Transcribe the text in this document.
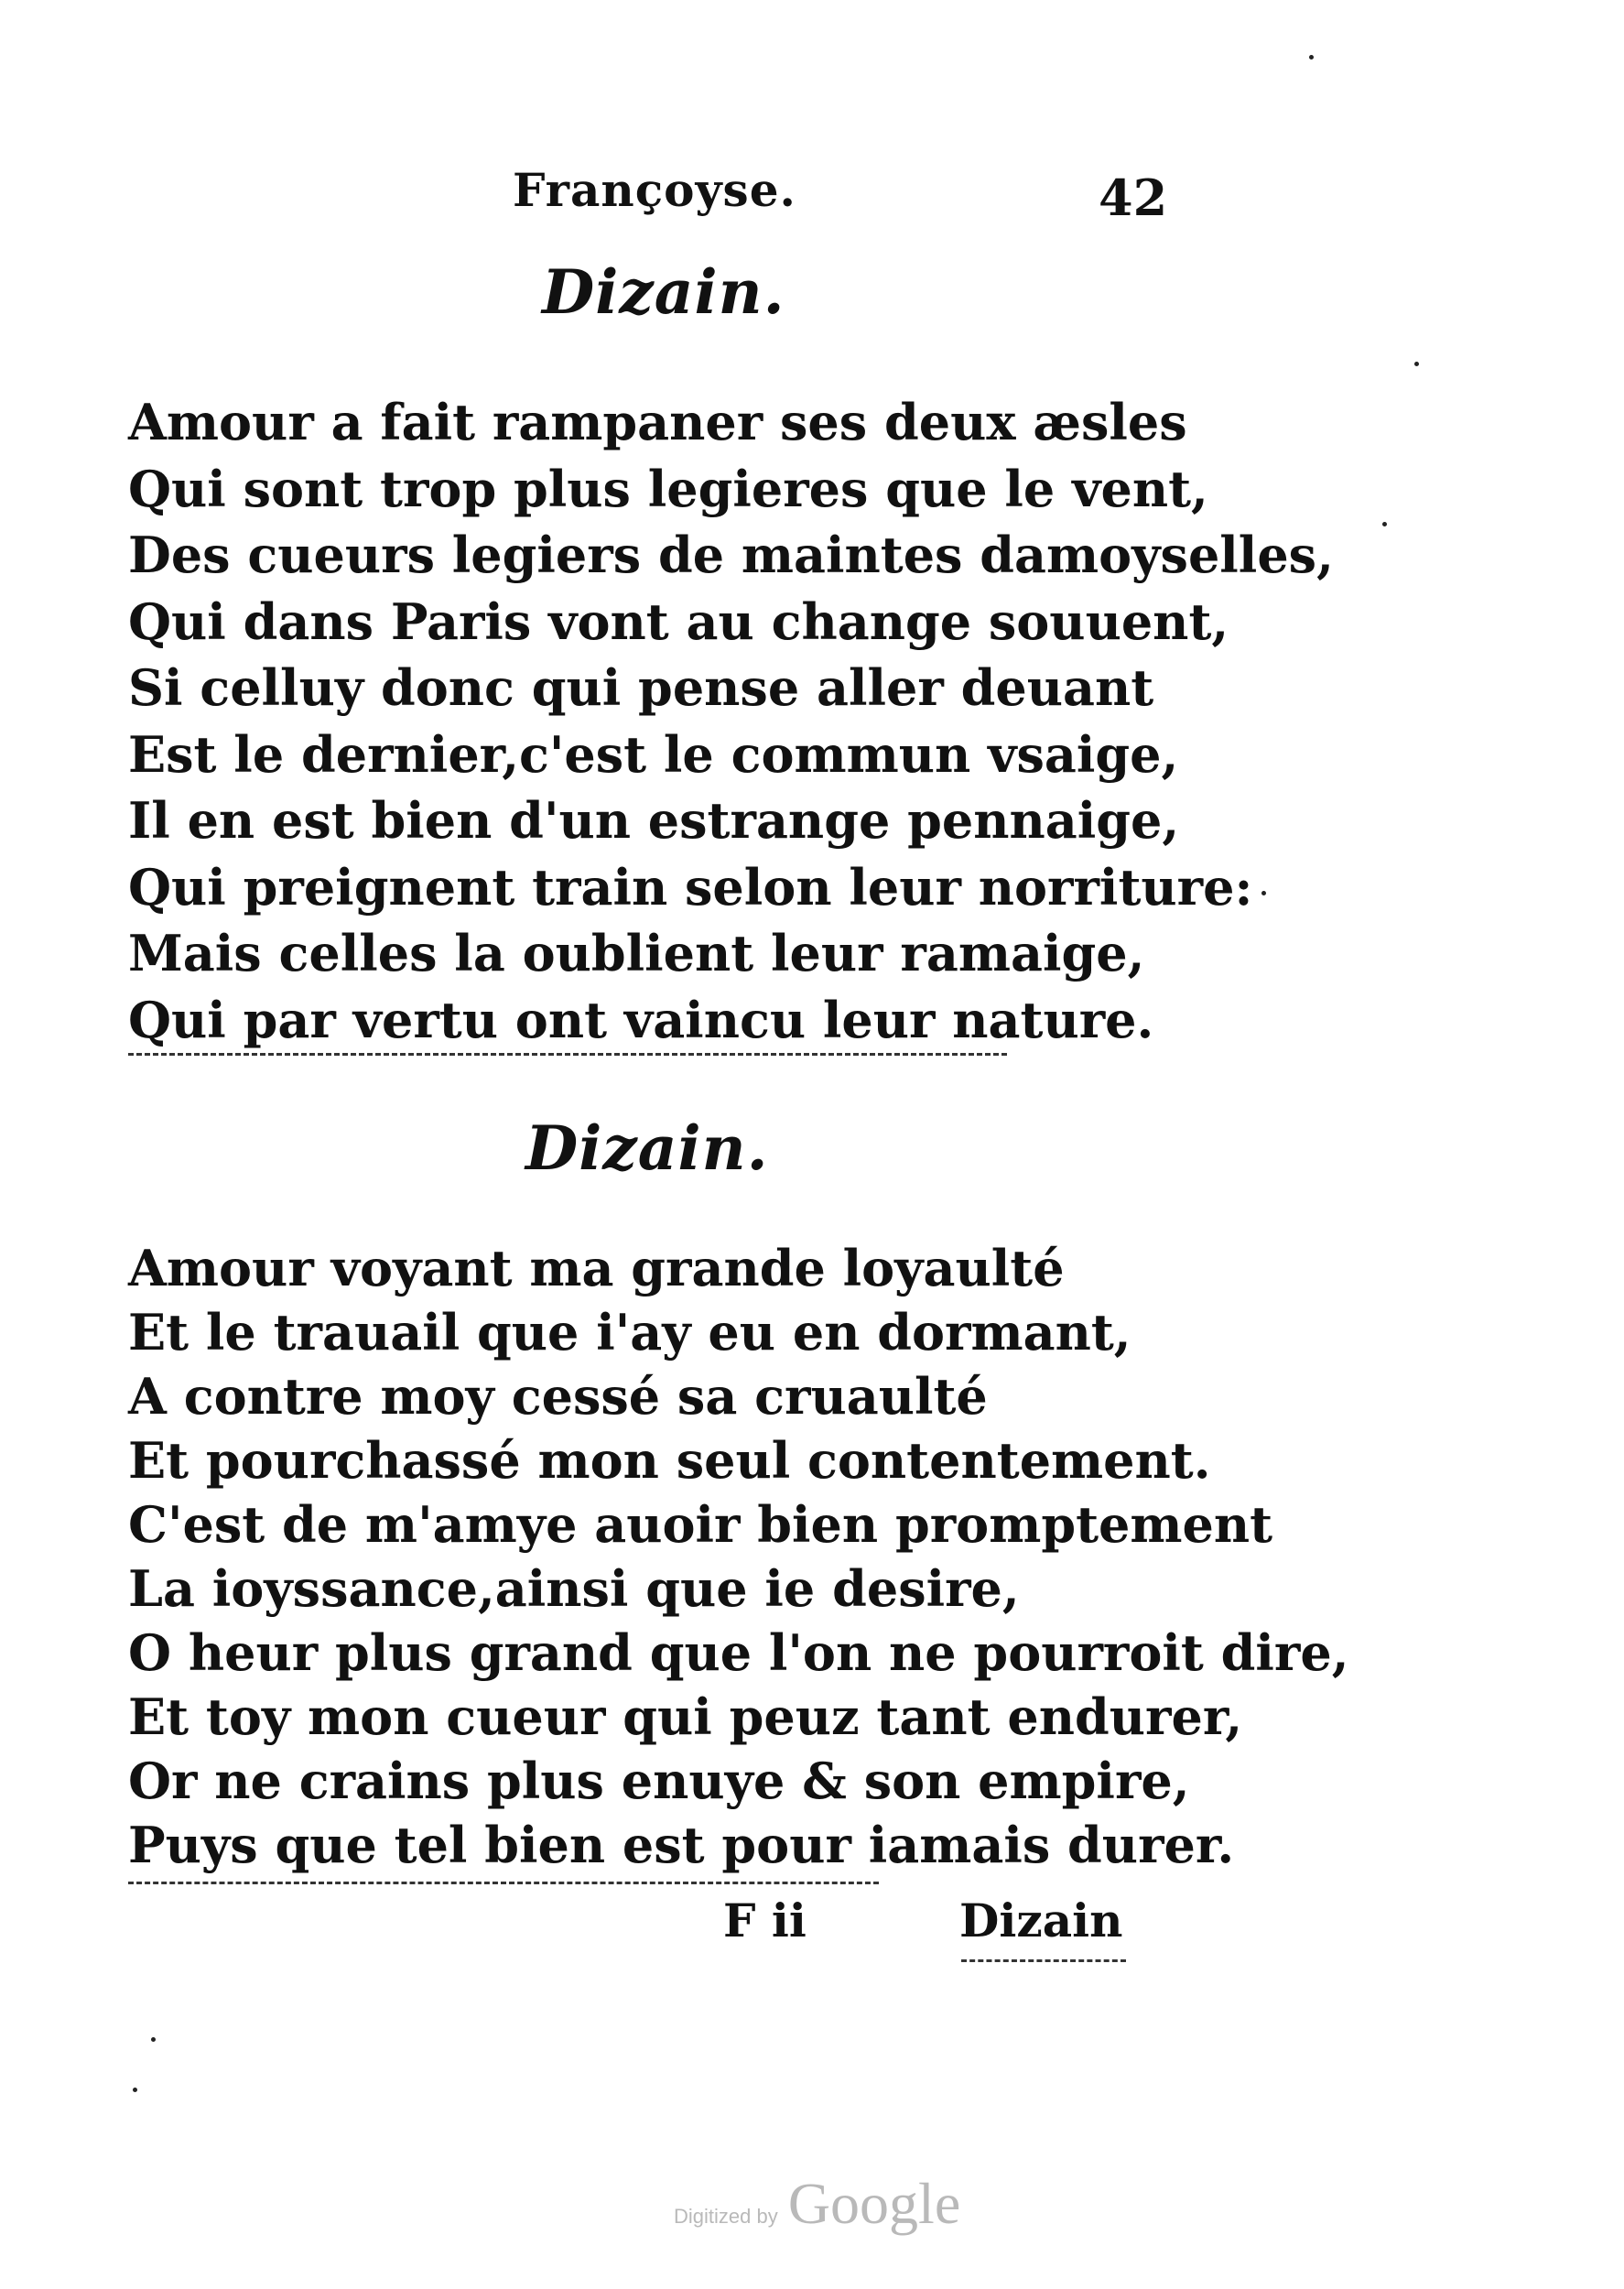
Françoyse.	42
Dizain.
Amour a fait rampaner ses deux æsles
Qui sont trop plus legieres que le vent,
Des cueurs legiers de maintes damoyselles,
Qui dans Paris vont au change souuent,
Si celluy donc qui pense aller deuant
Est le dernier,c'est le commun vsaige,
Il en est bien d'un estrange pennaige,
Qui preignent train selon leur norriture:
Mais celles la oublient leur ramaige,
Qui par vertu ont vaincu leur nature.
Dizain.
Amour voyant ma grande loyaulté
Et le trauail que i'ay eu en dormant,
A contre moy cessé sa cruaulté
Et pourchassé mon seul contentement.
C'est de m'amye auoir bien promptement
La ioyssance,ainsi que ie desire,
O heur plus grand que l'on ne pourroit dire,
Et toy mon cueur qui peuz tant endurer,
Or ne crains plus enuye & son empire,
Puys que tel bien est pour iamais durer.
F ii	Dizain
Digitized by Google
